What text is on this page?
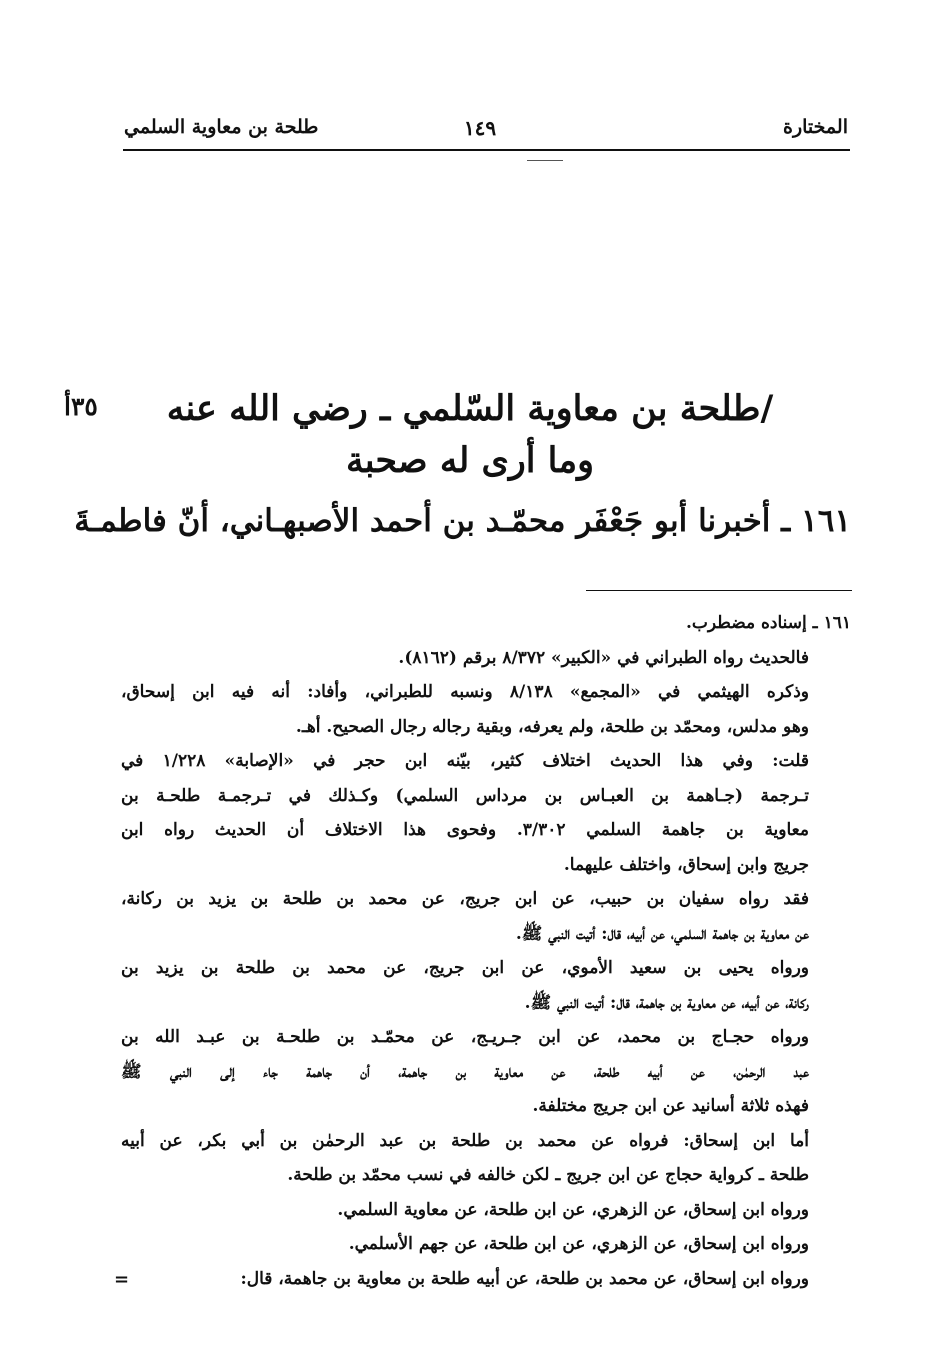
المختارة
١٤٩
طلحة بن معاوية السلمي
٣٥أ	/طلحة بن معاوية السّلمي ـ رضي الله عنه
وما أرى له صحبة
١٦١ ـ أخبرنا أبو جَعْفَر محمّـد بن أحمد الأصبهـاني، أنّ فاطمـةَ
١٦١ ـ إسناده مضطرب.
فالحديث رواه الطبراني في «الكبير» ٨/٣٧٢ برقم (٨١٦٢).
وذكره الهيثمي في «المجمع» ٨/١٣٨ ونسبه للطبراني، وأفاد: أنه فيه ابن إسحاق،
وهو مدلس، ومحمّد بن طلحة، ولم يعرفه، وبقية رجاله رجال الصحيح. أهـ.
قلت: وفي هذا الحديث اختلاف كثير، بيّنه ابن حجر في «الإصابة» ١/٢٢٨ في
تـرجمة (جـاهمة بن العبـاس بن مرداس السلمي) وكـذلك في تـرجمـة طلحـة بن
معاوية بن جاهمة السلمي ٣/٣٠٢. وفحوى هذا الاختلاف أن الحديث رواه ابن
جريج وابن إسحاق، واختلف عليهما.
فقد رواه سفيان بن حبيب، عن ابن جريج، عن محمد بن طلحة بن يزيد بن ركانة،
عن معاوية بن جاهمة السلمي، عن أبيه، قال: أتيت النبي ﷺ.
ورواه يحيى بن سعيد الأموي، عن ابن جريج، عن محمد بن طلحة بن يزيد بن
ركانة، عن أبيه، عن معاوية بن جاهمة، قال: أتيت النبي ﷺ.
ورواه حجـاج بن محمد، عن ابن جـريـج، عن محمّـد بن طلحـة بن عبـد الله بن
عبد الرحمٰن، عن أبيه طلحة، عن معاوية بن جاهمة، أن جاهمة جاء إلى النبي ﷺ
فهذه ثلاثة أسانيد عن ابن جريج مختلفة.
أما ابن إسحاق: فرواه عن محمد بن طلحة بن عبد الرحمٰن بن أبي بكر، عن أبيه
طلحة ـ كرواية حجاج عن ابن جريج ـ لكن خالفه في نسب محمّد بن طلحة.
ورواه ابن إسحاق، عن الزهري، عن ابن طلحة، عن معاوية السلمي.
ورواه ابن إسحاق، عن الزهري، عن ابن طلحة، عن جهم الأسلمي.
ورواه ابن إسحاق، عن محمد بن طلحة، عن أبيه طلحة بن معاوية بن جاهمة، قال:
=
